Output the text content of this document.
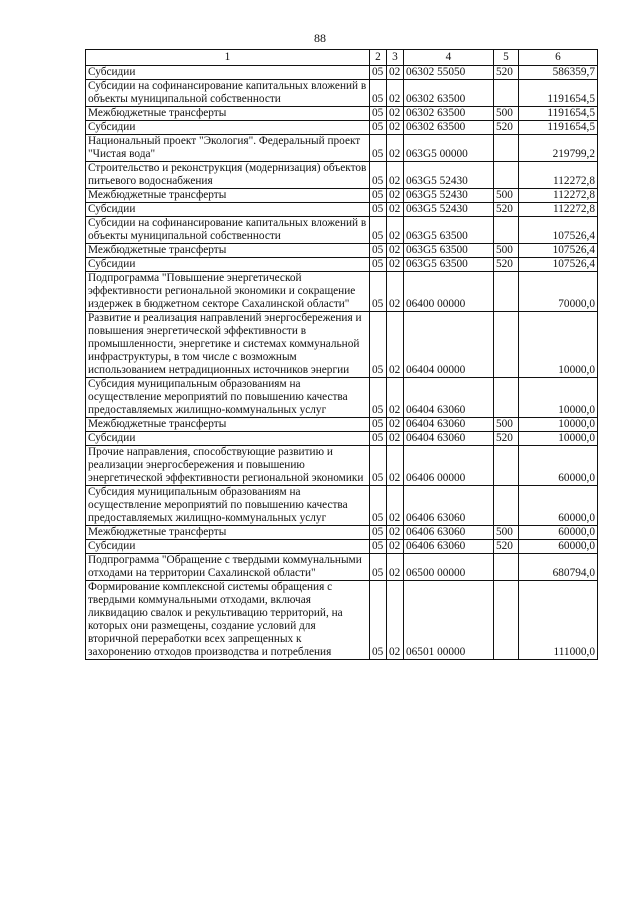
88
1	2	3	4	5	6
Субсидии	05	02	06302 55050	520	586359,7
Субсидии на софинансирование капитальных вложений в объекты муниципальной собственности	05	02	06302 63500		1191654,5
Межбюджетные трансферты	05	02	06302 63500	500	1191654,5
Субсидии	05	02	06302 63500	520	1191654,5
Национальный проект "Экология". Федеральный проект "Чистая вода"	05	02	063G5 00000		219799,2
Строительство и реконструкция (модернизация) объектов питьевого водоснабжения	05	02	063G5 52430		112272,8
Межбюджетные трансферты	05	02	063G5 52430	500	112272,8
Субсидии	05	02	063G5 52430	520	112272,8
Субсидии на софинансирование капитальных вложений в объекты муниципальной собственности	05	02	063G5 63500		107526,4
Межбюджетные трансферты	05	02	063G5 63500	500	107526,4
Субсидии	05	02	063G5 63500	520	107526,4
Подпрограмма "Повышение энергетической эффективности региональной экономики и сокращение издержек в бюджетном секторе Сахалинской области"	05	02	06400 00000		70000,0
Развитие и реализация направлений энергосбережения и повышения энергетической эффективности в промышленности, энергетике и системах коммунальной инфраструктуры, в том числе с возможным использованием нетрадиционных источников энергии	05	02	06404 00000		10000,0
Субсидия муниципальным образованиям на осуществление мероприятий по повышению качества предоставляемых жилищно-коммунальных услуг	05	02	06404 63060		10000,0
Межбюджетные трансферты	05	02	06404 63060	500	10000,0
Субсидии	05	02	06404 63060	520	10000,0
Прочие направления, способствующие развитию и реализации энергосбережения и повышению энергетической эффективности региональной экономики	05	02	06406 00000		60000,0
Субсидия муниципальным образованиям на осуществление мероприятий по повышению качества предоставляемых жилищно-коммунальных услуг	05	02	06406 63060		60000,0
Межбюджетные трансферты	05	02	06406 63060	500	60000,0
Субсидии	05	02	06406 63060	520	60000,0
Подпрограмма "Обращение с твердыми коммунальными отходами на территории Сахалинской области"	05	02	06500 00000		680794,0
Формирование комплексной системы обращения с твердыми коммунальными отходами, включая ликвидацию свалок и рекультивацию территорий, на которых они размещены, создание условий для вторичной переработки всех запрещенных к захоронению отходов производства и потребления	05	02	06501 00000		111000,0
